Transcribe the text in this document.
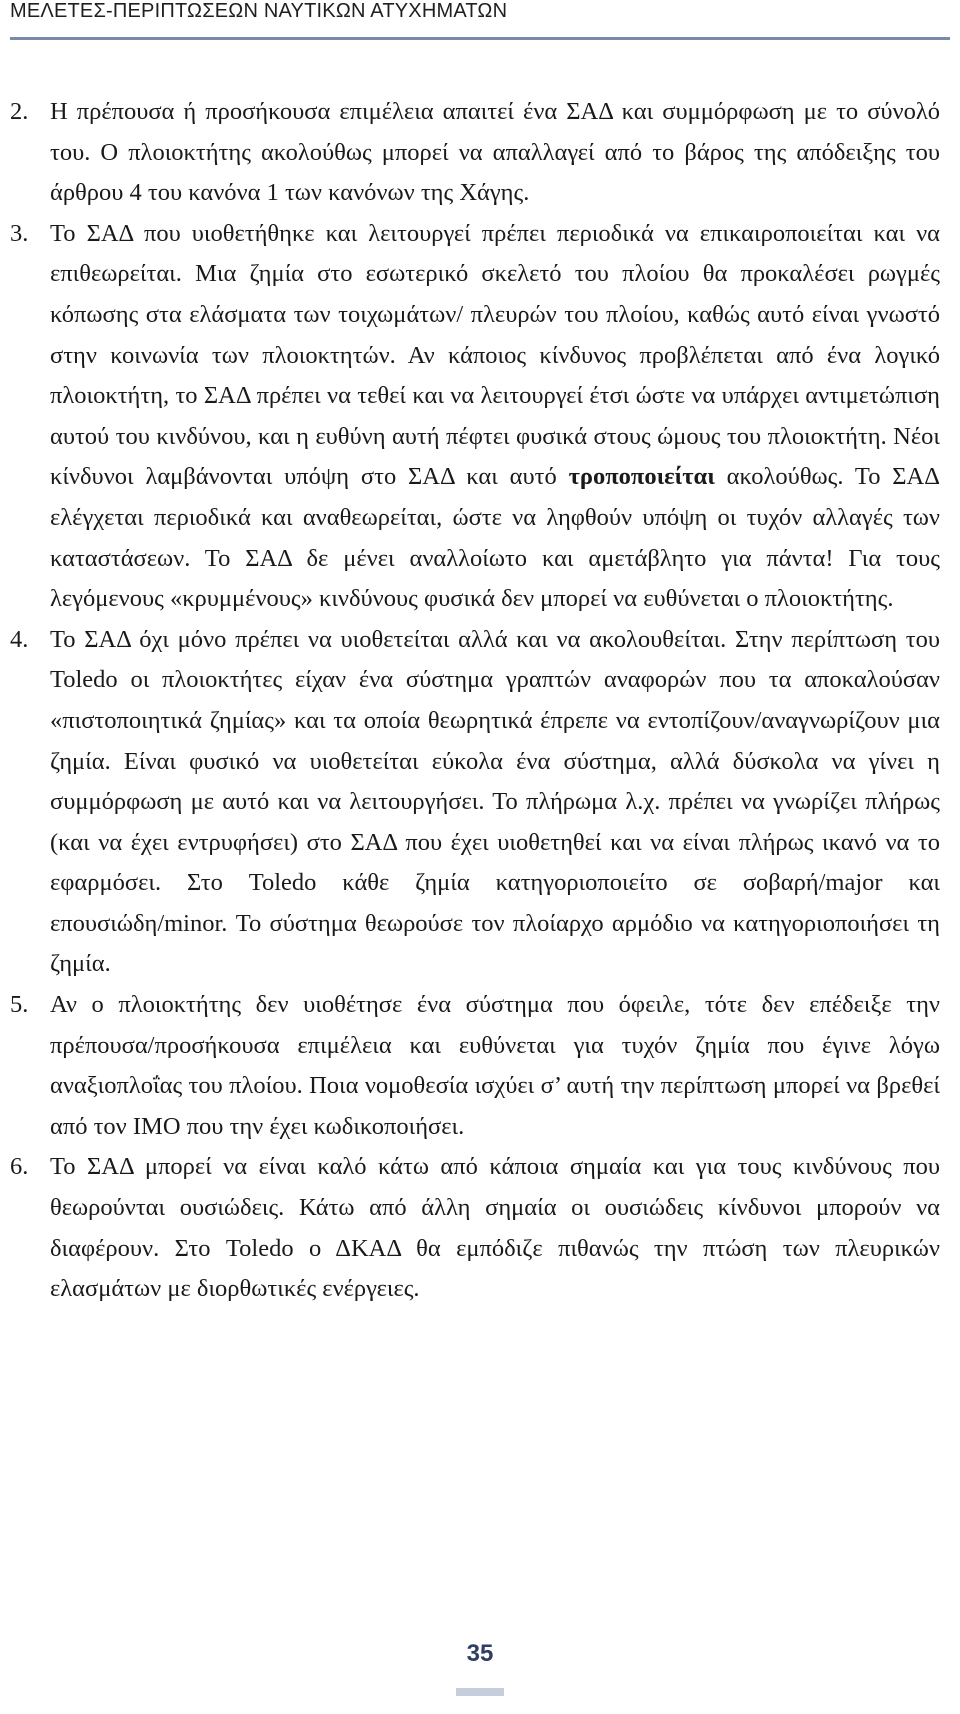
ΜΕΛΕΤΕΣ-ΠΕΡΙΠΤΩΣΕΩΝ ΝΑΥΤΙΚΩΝ ΑΤΥΧΗΜΑΤΩΝ
2. Η πρέπουσα ή προσήκουσα επιμέλεια απαιτεί ένα ΣΑΔ και συμμόρφωση με το σύνολό του. Ο πλοιοκτήτης ακολούθως μπορεί να απαλλαγεί από το βάρος της απόδειξης του άρθρου 4 του κανόνα 1 των κανόνων της Χάγης.
3. Το ΣΑΔ που υιοθετήθηκε και λειτουργεί πρέπει περιοδικά να επικαιροποιείται και να επιθεωρείται. Μια ζημία στο εσωτερικό σκελετό του πλοίου θα προκαλέσει ρωγμές κόπωσης στα ελάσματα των τοιχωμάτων/ πλευρών του πλοίου, καθώς αυτό είναι γνωστό στην κοινωνία των πλοιοκτητών. Αν κάποιος κίνδυνος προβλέπεται από ένα λογικό πλοιοκτήτη, το ΣΑΔ πρέπει να τεθεί και να λειτουργεί έτσι ώστε να υπάρχει αντιμετώπιση αυτού του κινδύνου, και η ευθύνη αυτή πέφτει φυσικά στους ώμους του πλοιοκτήτη. Νέοι κίνδυνοι λαμβάνονται υπόψη στο ΣΑΔ και αυτό τροποποιείται ακολούθως. Το ΣΑΔ ελέγχεται περιοδικά και αναθεωρείται, ώστε να ληφθούν υπόψη οι τυχόν αλλαγές των καταστάσεων. Το ΣΑΔ δε μένει αναλλοίωτο και αμετάβλητο για πάντα! Για τους λεγόμενους «κρυμμένους» κινδύνους φυσικά δεν μπορεί να ευθύνεται ο πλοιοκτήτης.
4. Το ΣΑΔ όχι μόνο πρέπει να υιοθετείται αλλά και να ακολουθείται. Στην περίπτωση του Toledo οι πλοιοκτήτες είχαν ένα σύστημα γραπτών αναφορών που τα αποκαλούσαν «πιστοποιητικά ζημίας» και τα οποία θεωρητικά έπρεπε να εντοπίζουν/αναγνωρίζουν μια ζημία. Είναι φυσικό να υιοθετείται εύκολα ένα σύστημα, αλλά δύσκολα να γίνει η συμμόρφωση με αυτό και να λειτουργήσει. Το πλήρωμα λ.χ. πρέπει να γνωρίζει πλήρως (και να έχει εντρυφήσει) στο ΣΑΔ που έχει υιοθετηθεί και να είναι πλήρως ικανό να το εφαρμόσει. Στο Toledo κάθε ζημία κατηγοριοποιείτο σε σοβαρή/major και επουσιώδη/minor. Το σύστημα θεωρούσε τον πλοίαρχο αρμόδιο να κατηγοριοποιήσει τη ζημία.
5. Αν ο πλοιοκτήτης δεν υιοθέτησε ένα σύστημα που όφειλε, τότε δεν επέδειξε την πρέπουσα/προσήκουσα επιμέλεια και ευθύνεται για τυχόν ζημία που έγινε λόγω αναξιοπλοΐας του πλοίου. Ποια νομοθεσία ισχύει σ’ αυτή την περίπτωση μπορεί να βρεθεί από τον IMO που την έχει κωδικοποιήσει.
6. Το ΣΑΔ μπορεί να είναι καλό κάτω από κάποια σημαία και για τους κινδύνους που θεωρούνται ουσιώδεις. Κάτω από άλλη σημαία οι ουσιώδεις κίνδυνοι μπορούν να διαφέρουν. Στο Toledo ο ΔΚΑΔ θα εμπόδιζε πιθανώς την πτώση των πλευρικών ελασμάτων με διορθωτικές ενέργειες.
35
